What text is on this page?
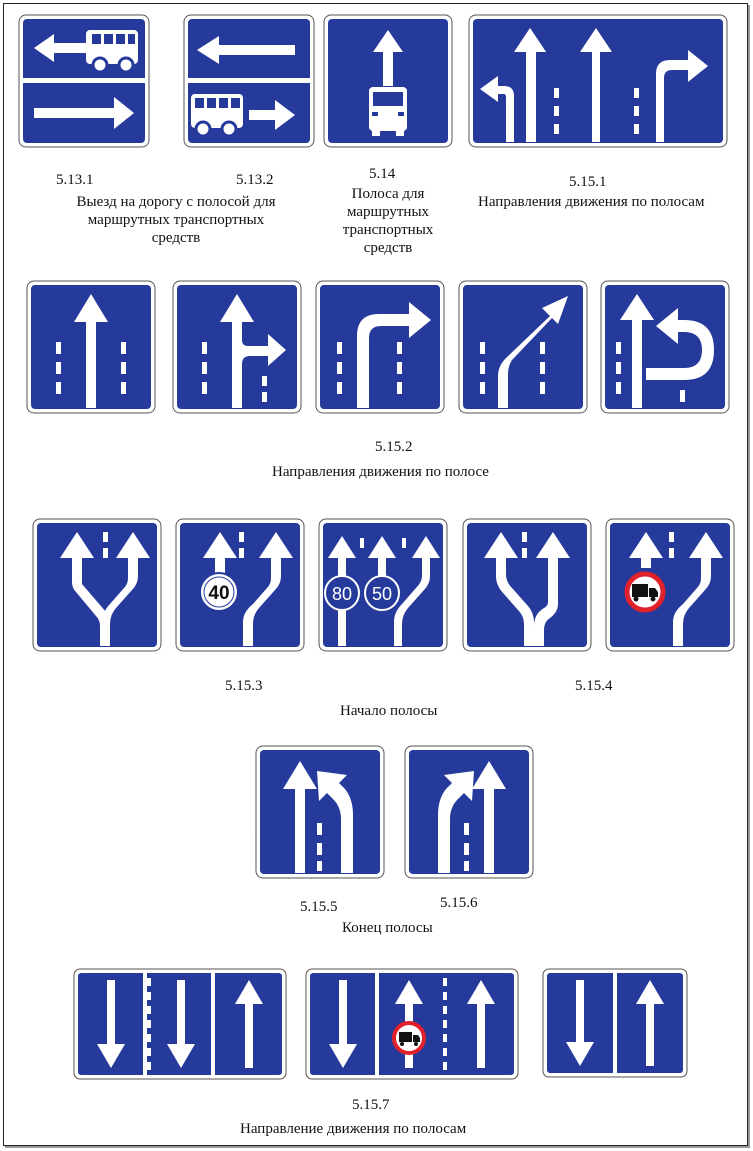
5.13.1	5.13.2	5.14	5.15.1
Выезд на дорогу с полосой для маршрутных транспортных средств
Полоса для маршрутных транспортных средств
Направления движения по полосам
5.15.2
Направления движения по полосе
40	80 50
5.15.3	5.15.4
Начало полосы
5.15.5	5.15.6
Конец полосы
5.15.7
Направление движения по полосам
